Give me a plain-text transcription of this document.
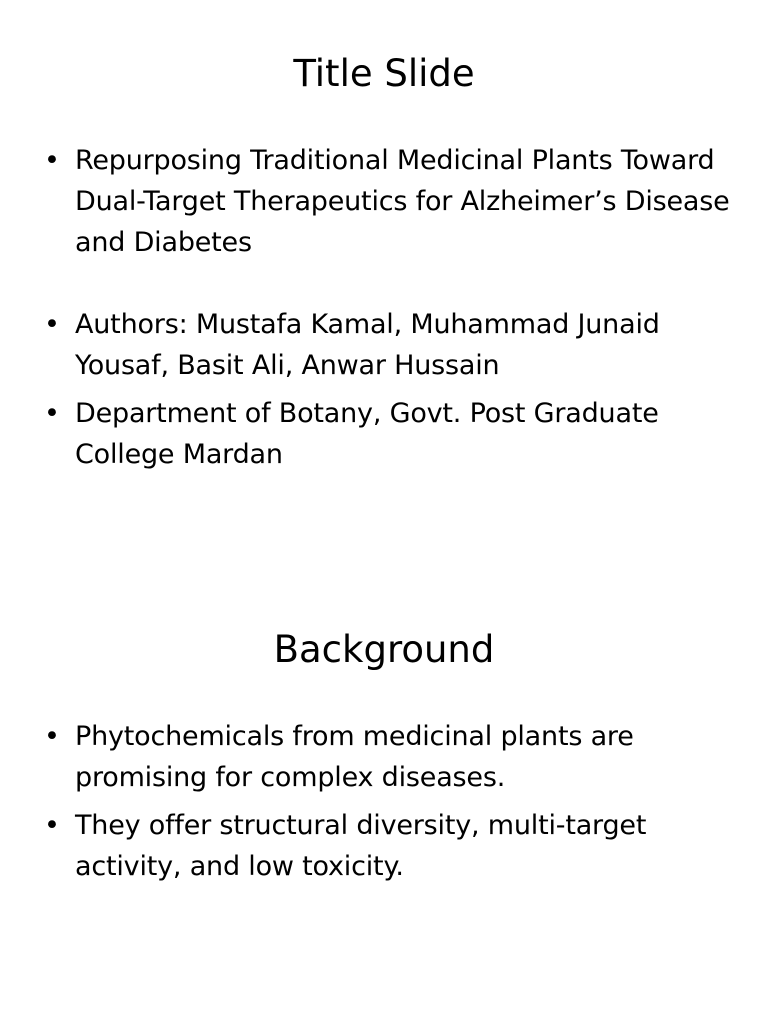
Title Slide
• Repurposing Traditional Medicinal Plants Toward Dual-Target Therapeutics for Alzheimer’s Disease and Diabetes
• Authors: Mustafa Kamal, Muhammad Junaid Yousaf, Basit Ali, Anwar Hussain
• Department of Botany, Govt. Post Graduate College Mardan
Background
• Phytochemicals from medicinal plants are promising for complex diseases.
• They offer structural diversity, multi-target activity, and low toxicity.
